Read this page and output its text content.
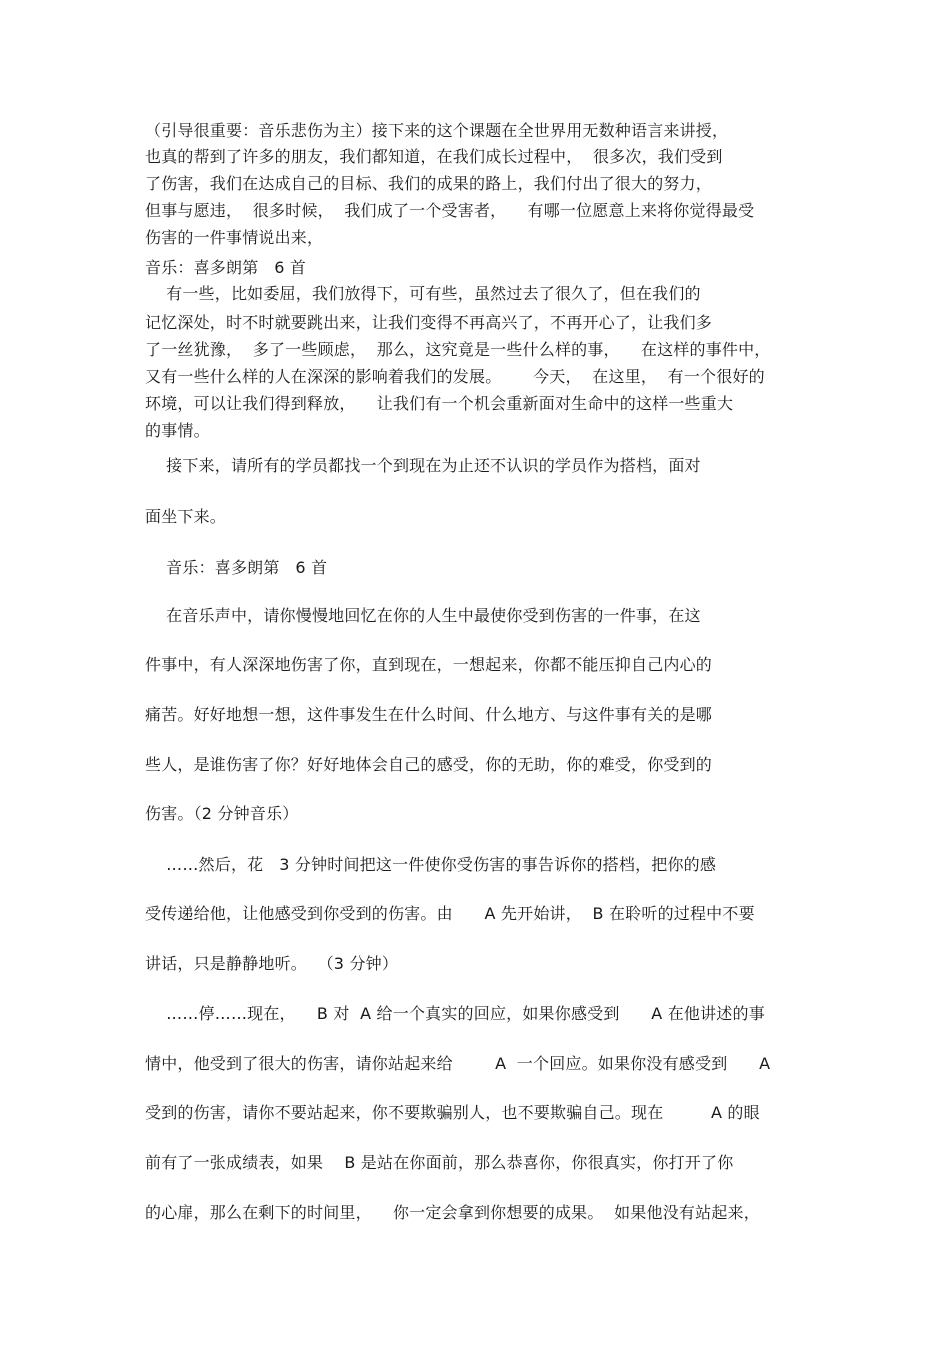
（引导很重要：音乐悲伤为主）接下来的这个课题在全世界用无数种语言来讲授，
也真的帮到了许多的朋友，我们都知道，在我们成长过程中，  很多次，我们受到
了伤害，我们在达成自己的目标、我们的成果的路上，我们付出了很大的努力，
但事与愿违，  很多时候，  我们成了一个受害者，    有哪一位愿意上来将你觉得最受
伤害的一件事情说出来，
音乐：喜多朗第   6 首
有一些，比如委屈，我们放得下，可有些，虽然过去了很久了，但在我们的
记忆深处，时不时就要跳出来，让我们变得不再高兴了，不再开心了，让我们多
了一丝犹豫，  多了一些顾虑，  那么，这究竟是一些什么样的事，    在这样的事件中，
又有一些什么样的人在深深的影响着我们的发展。      今天，  在这里，  有一个很好的
环境，可以让我们得到释放，    让我们有一个机会重新面对生命中的这样一些重大
的事情。
接下来，请所有的学员都找一个到现在为止还不认识的学员作为搭档，面对
面坐下来。
音乐：喜多朗第   6 首
在音乐声中，请你慢慢地回忆在你的人生中最使你受到伤害的一件事，在这
件事中，有人深深地伤害了你，直到现在，一想起来，你都不能压抑自己内心的
痛苦。好好地想一想，这件事发生在什么时间、什么地方、与这件事有关的是哪
些人，是谁伤害了你？好好地体会自己的感受，你的无助，你的难受，你受到的
伤害。（2 分钟音乐）
……然后，花   3 分钟时间把这一件使你受伤害的事告诉你的搭档，把你的感
受传递给他，让他感受到你受到的伤害。由      A 先开始讲，  B 在聆听的过程中不要
讲话，只是静静地听。  （3 分钟）
……停……现在，    B 对  A 给一个真实的回应，如果你感受到      A 在他讲述的事
情中，他受到了很大的伤害，请你站起来给        A  一个回应。如果你没有感受到      A
受到的伤害，请你不要站起来，你不要欺骗别人，也不要欺骗自己。现在         A 的眼
前有了一张成绩表，如果    B 是站在你面前，那么恭喜你，你很真实，你打开了你
的心扉，那么在剩下的时间里，    你一定会拿到你想要的成果。  如果他没有站起来，
